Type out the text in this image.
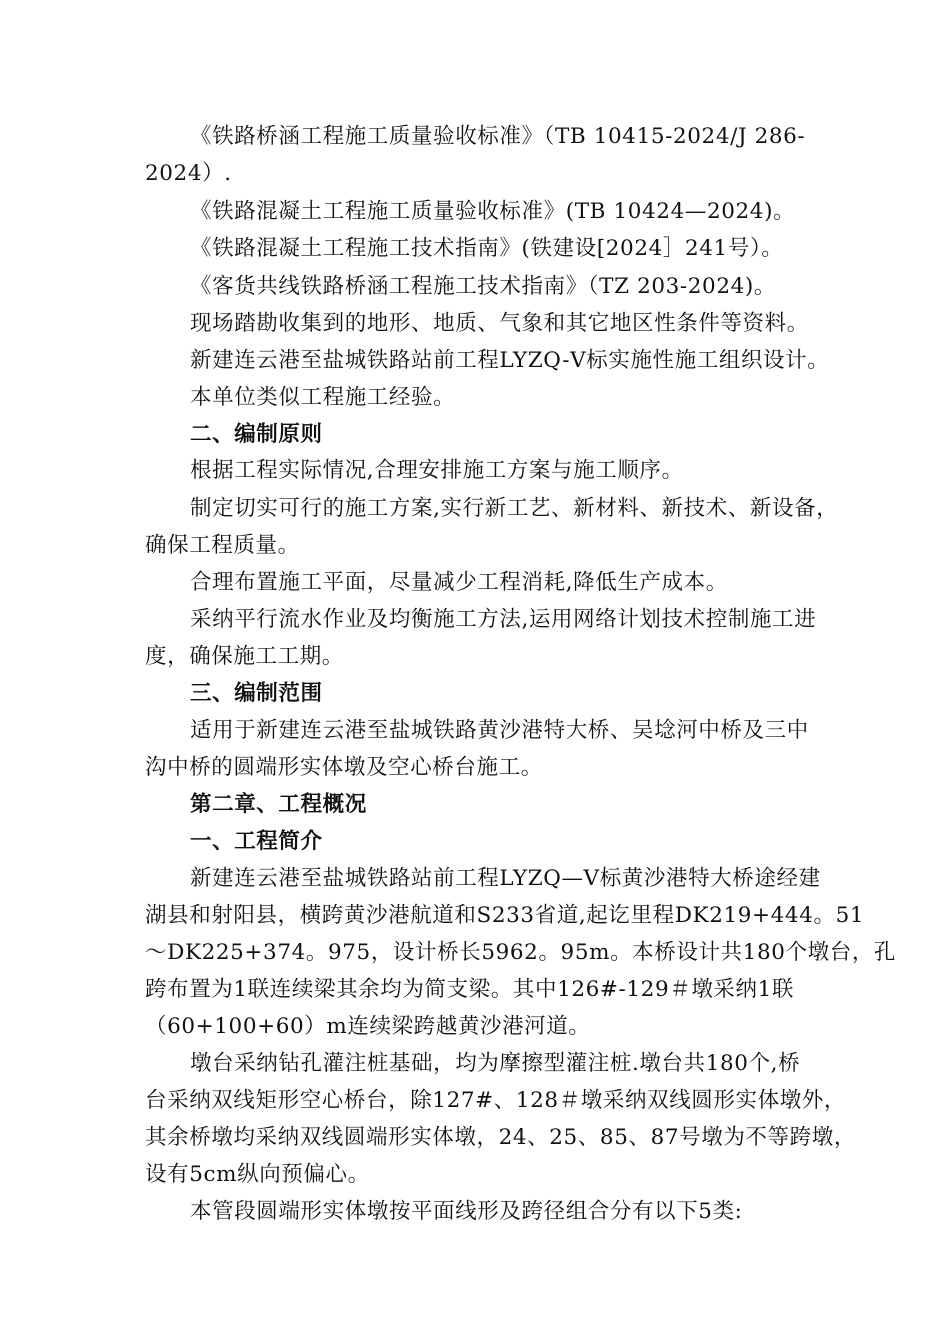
《铁路桥涵工程施工质量验收标准》（TB 10415-2024/J 286-
2024）.
《铁路混凝土工程施工质量验收标准》(TB 10424—2024)。
《铁路混凝土工程施工技术指南》(铁建设[2024］241号）。
《客货共线铁路桥涵工程施工技术指南》（TZ 203-2024)。
现场踏勘收集到的地形、地质、气象和其它地区性条件等资料。
新建连云港至盐城铁路站前工程LYZQ-Ⅴ标实施性施工组织设计。
本单位类似工程施工经验。
二、编制原则
根据工程实际情况,合理安排施工方案与施工顺序。
制定切实可行的施工方案,实行新工艺、新材料、新技术、新设备，
确保工程质量。
合理布置施工平面，尽量减少工程消耗,降低生产成本。
采纳平行流水作业及均衡施工方法,运用网络计划技术控制施工进
度，确保施工工期。
三、编制范围
适用于新建连云港至盐城铁路黄沙港特大桥、吴埝河中桥及三中
沟中桥的圆端形实体墩及空心桥台施工。
第二章、工程概况
一、工程简介
新建连云港至盐城铁路站前工程LYZQ—Ⅴ标黄沙港特大桥途经建
湖县和射阳县，横跨黄沙港航道和S233省道,起讫里程DK219+444。51
～DK225+374。975，设计桥长5962。95m。本桥设计共180个墩台，孔
跨布置为1联连续梁其余均为简支梁。其中126#-129＃墩采纳1联
（60+100+60）m连续梁跨越黄沙港河道。
墩台采纳钻孔灌注桩基础，均为摩擦型灌注桩.墩台共180个,桥
台采纳双线矩形空心桥台，除127#、128＃墩采纳双线圆形实体墩外，
其余桥墩均采纳双线圆端形实体墩，24、25、85、87号墩为不等跨墩，
设有5cm纵向预偏心。
本管段圆端形实体墩按平面线形及跨径组合分有以下5类:
